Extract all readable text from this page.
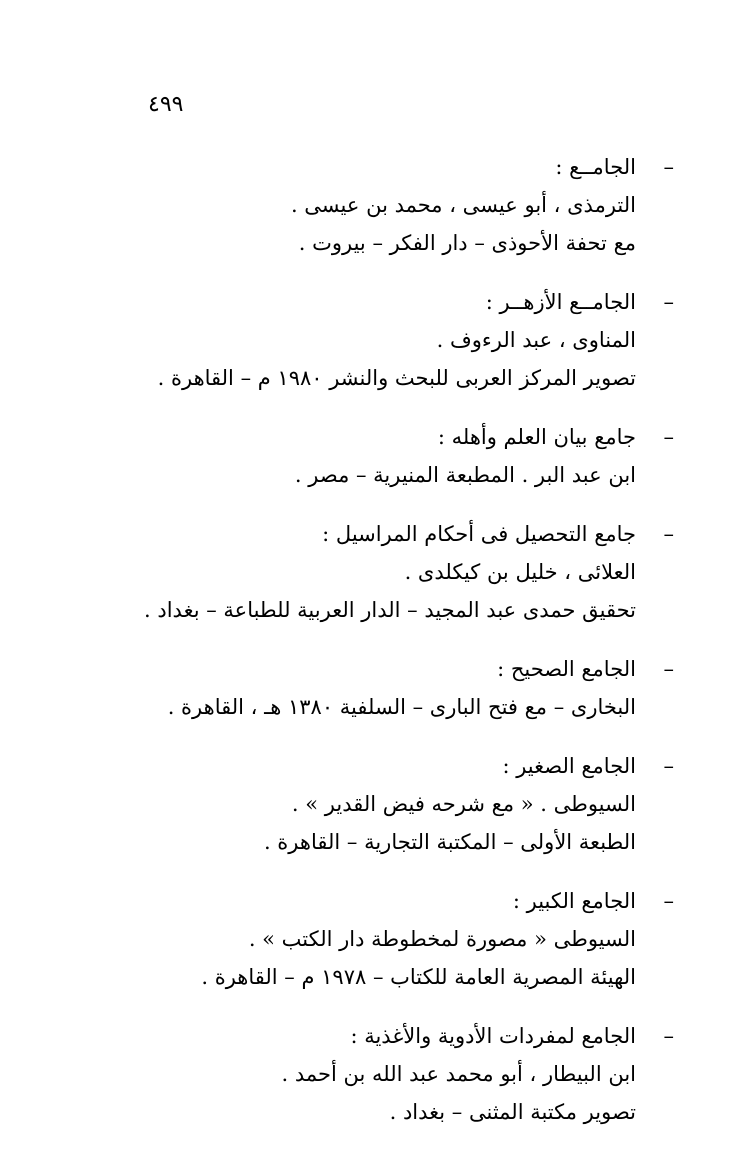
٤٩٩
–
الجامــع :
الترمذى ، أبو عيسى ، محمد بن عيسى .
مع تحفة الأحوذى – دار الفكر – بيروت .
–
الجامــع الأزهــر :
المناوى ، عبد الرءوف .
تصوير المركز العربى للبحث والنشر ١٩٨٠ م – القاهرة .
–
جامع بيان العلم وأهله :
ابن عبد البر . المطبعة المنيرية – مصر .
–
جامع التحصيل فى أحكام المراسيل :
العلائى ، خليل بن كيكلدى .
تحقيق حمدى عبد المجيد – الدار العربية للطباعة – بغداد .
–
الجامع الصحيح :
البخارى – مع فتح البارى – السلفية ١٣٨٠ هـ ، القاهرة .
–
الجامع الصغير :
السيوطى . « مع شرحه فيض القدير » .
الطبعة الأولى – المكتبة التجارية – القاهرة .
–
الجامع الكبير :
السيوطى « مصورة لمخطوطة دار الكتب » .
الهيئة المصرية العامة للكتاب – ١٩٧٨ م – القاهرة .
–
الجامع لمفردات الأدوية والأغذية :
ابن البيطار ، أبو محمد عبد الله بن أحمد .
تصوير مكتبة المثنى – بغداد .
